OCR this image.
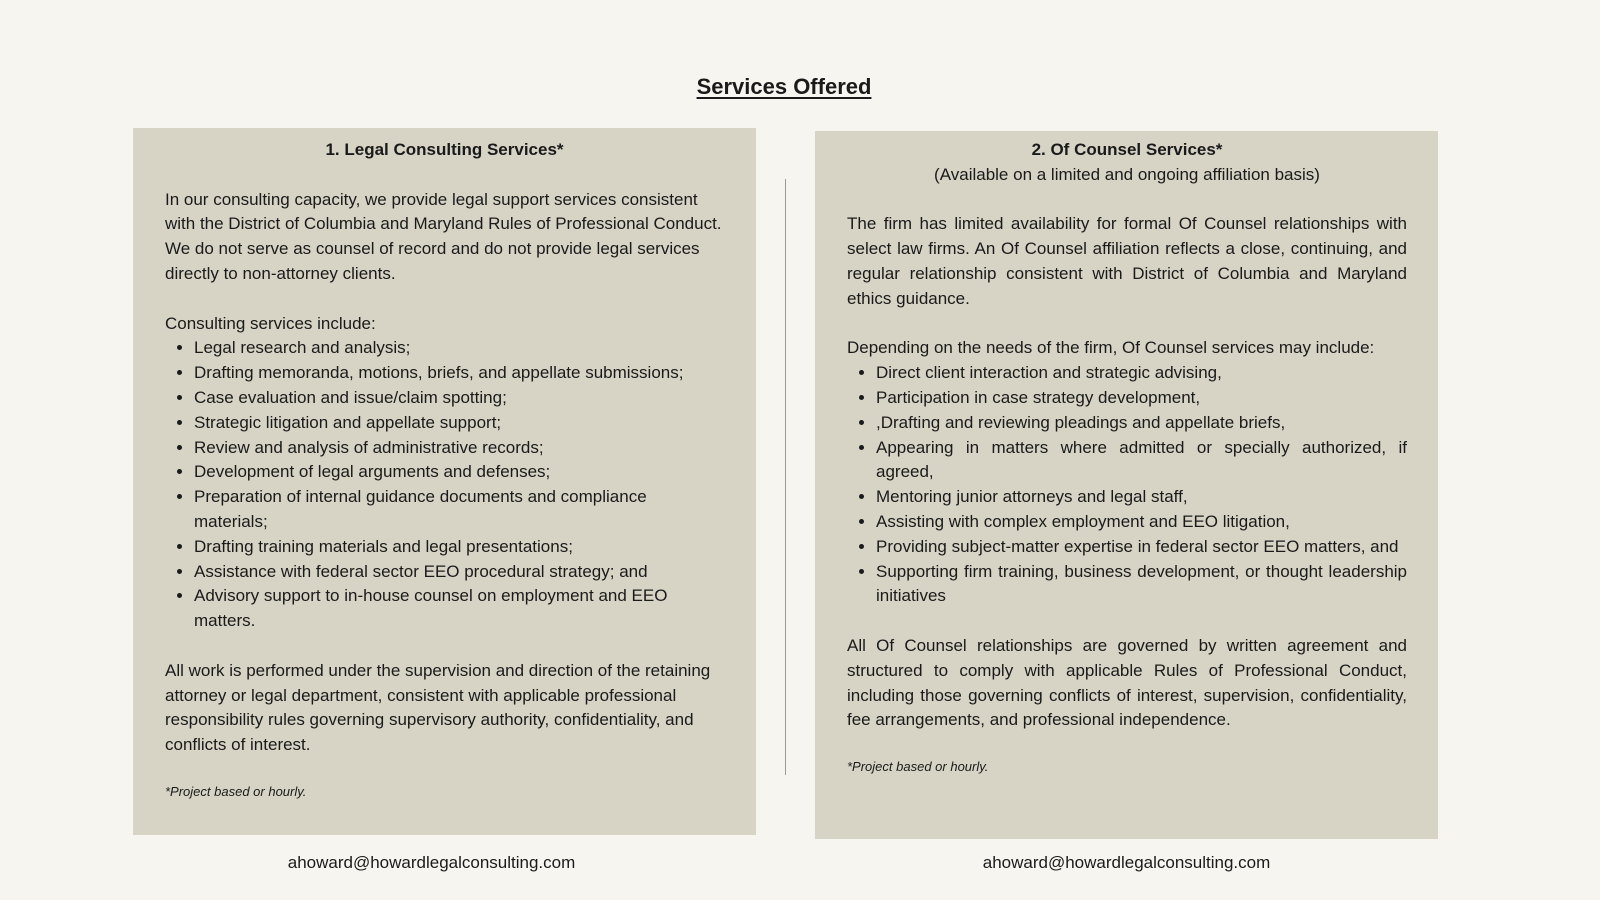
Services Offered
1. Legal Consulting Services*

In our consulting capacity, we provide legal support services consistent with the District of Columbia and Maryland Rules of Professional Conduct. We do not serve as counsel of record and do not provide legal services directly to non-attorney clients.

Consulting services include:

• Legal research and analysis;
• Drafting memoranda, motions, briefs, and appellate submissions;
• Case evaluation and issue/claim spotting;
• Strategic litigation and appellate support;
• Review and analysis of administrative records;
• Development of legal arguments and defenses;
• Preparation of internal guidance documents and compliance materials;
• Drafting training materials and legal presentations;
• Assistance with federal sector EEO procedural strategy; and
• Advisory support to in-house counsel on employment and EEO matters.

All work is performed under the supervision and direction of the retaining attorney or legal department, consistent with applicable professional responsibility rules governing supervisory authority, confidentiality, and conflicts of interest.

*Project based or hourly.

2. Of Counsel Services*

(Available on a limited and ongoing affiliation basis)

The firm has limited availability for formal Of Counsel relationships with select law firms. An Of Counsel affiliation reflects a close, continuing, and regular relationship consistent with District of Columbia and Maryland ethics guidance.

Depending on the needs of the firm, Of Counsel services may include:

• Direct client interaction and strategic advising,
• Participation in case strategy development,
• ,Drafting and reviewing pleadings and appellate briefs,
• Appearing in matters where admitted or specially authorized, if agreed,
• Mentoring junior attorneys and legal staff,
• Assisting with complex employment and EEO litigation,
• Providing subject-matter expertise in federal sector EEO matters, and
• Supporting firm training, business development, or thought leadership initiatives

All Of Counsel relationships are governed by written agreement and structured to comply with applicable Rules of Professional Conduct, including those governing conflicts of interest, supervision, confidentiality, fee arrangements, and professional independence.

*Project based or hourly.

ahoward@howardlegalconsulting.com	ahoward@howardlegalconsulting.com
